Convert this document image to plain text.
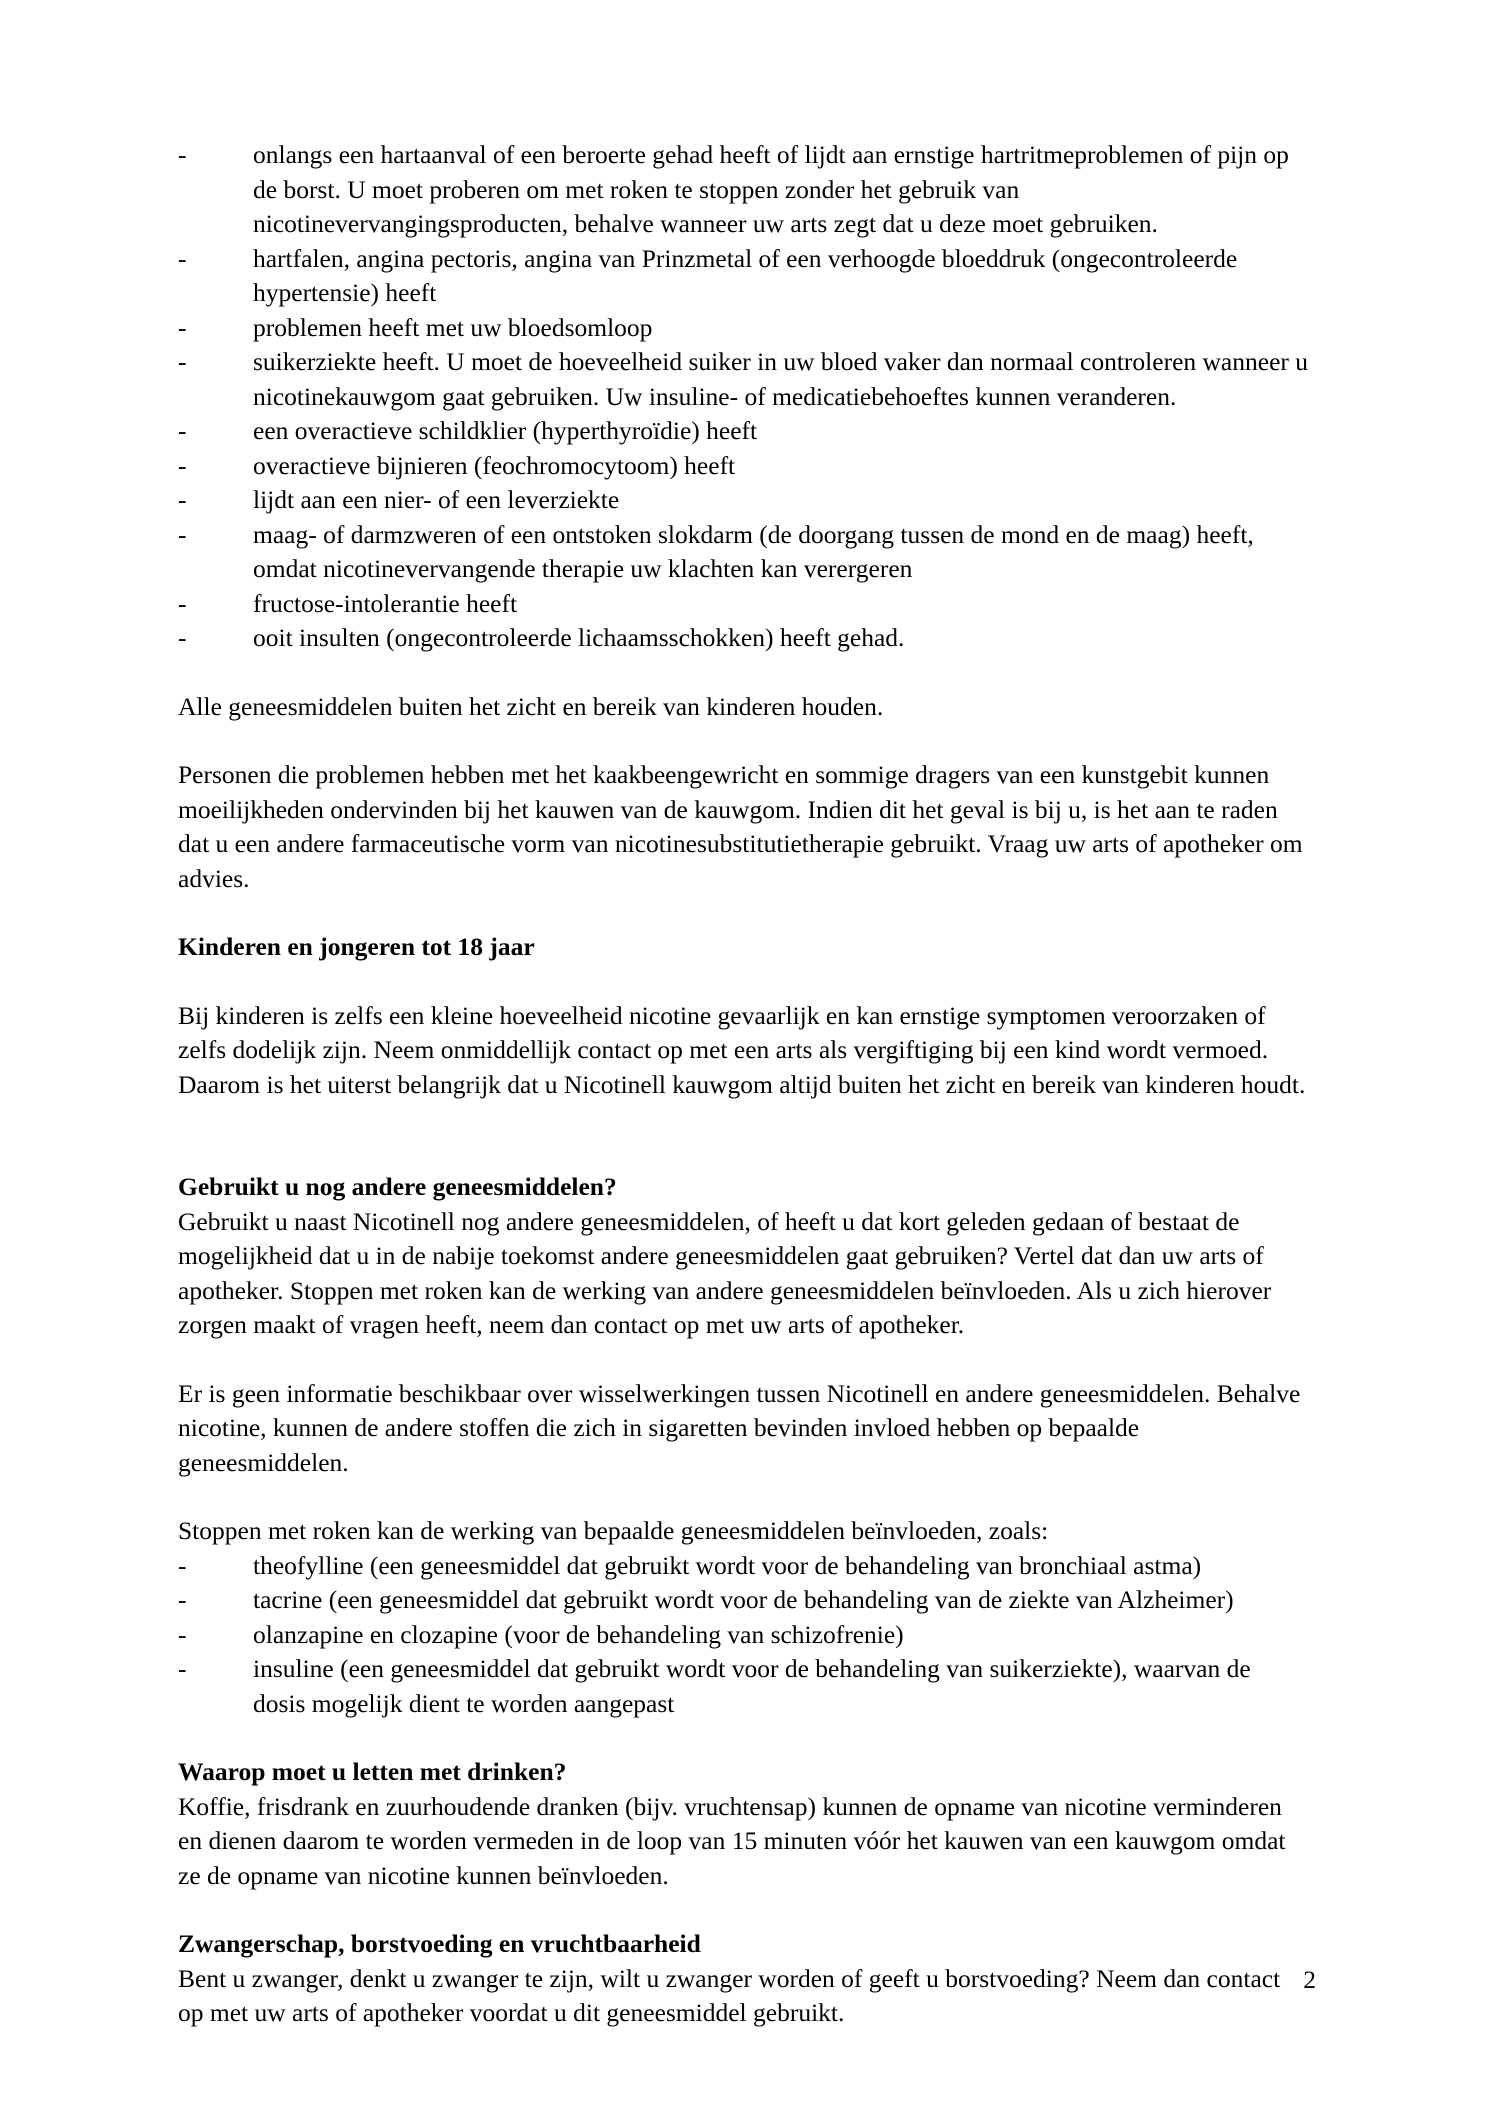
-	onlangs een hartaanval of een beroerte gehad heeft of lijdt aan ernstige hartritmeproblemen of pijn op de borst. U moet proberen om met roken te stoppen zonder het gebruik van nicotinevervangingsproducten, behalve wanneer uw arts zegt dat u deze moet gebruiken.
-	hartfalen, angina pectoris, angina van Prinzmetal of een verhoogde bloeddruk (ongecontroleerde hypertensie) heeft
-	problemen heeft met uw bloedsomloop
-	suikerziekte heeft. U moet de hoeveelheid suiker in uw bloed vaker dan normaal controleren wanneer u nicotinekauwgom gaat gebruiken. Uw insuline- of medicatiebehoeftes kunnen veranderen.
-	een overactieve schildklier (hyperthyroïdie) heeft
-	overactieve bijnieren (feochromocytoom) heeft
-	lijdt aan een nier- of een leverziekte
-	maag- of darmzweren of een ontstoken slokdarm (de doorgang tussen de mond en de maag) heeft, omdat nicotinevervangende therapie uw klachten kan verergeren
-	fructose-intolerantie heeft
-	ooit insulten (ongecontroleerde lichaamsschokken) heeft gehad.

Alle geneesmiddelen buiten het zicht en bereik van kinderen houden.

Personen die problemen hebben met het kaakbeengewricht en sommige dragers van een kunstgebit kunnen moeilijkheden ondervinden bij het kauwen van de kauwgom. Indien dit het geval is bij u, is het aan te raden dat u een andere farmaceutische vorm van nicotinesubstitutietherapie gebruikt. Vraag uw arts of apotheker om advies.

Kinderen en jongeren tot 18 jaar

Bij kinderen is zelfs een kleine hoeveelheid nicotine gevaarlijk en kan ernstige symptomen veroorzaken of zelfs dodelijk zijn. Neem onmiddellijk contact op met een arts als vergiftiging bij een kind wordt vermoed. Daarom is het uiterst belangrijk dat u Nicotinell kauwgom altijd buiten het zicht en bereik van kinderen houdt.

Gebruikt u nog andere geneesmiddelen?

Gebruikt u naast Nicotinell nog andere geneesmiddelen, of heeft u dat kort geleden gedaan of bestaat de mogelijkheid dat u in de nabije toekomst andere geneesmiddelen gaat gebruiken? Vertel dat dan uw arts of apotheker. Stoppen met roken kan de werking van andere geneesmiddelen beïnvloeden. Als u zich hierover zorgen maakt of vragen heeft, neem dan contact op met uw arts of apotheker.

Er is geen informatie beschikbaar over wisselwerkingen tussen Nicotinell en andere geneesmiddelen. Behalve nicotine, kunnen de andere stoffen die zich in sigaretten bevinden invloed hebben op bepaalde geneesmiddelen.

Stoppen met roken kan de werking van bepaalde geneesmiddelen beïnvloeden, zoals:

-	theofylline (een geneesmiddel dat gebruikt wordt voor de behandeling van bronchiaal astma)
-	tacrine (een geneesmiddel dat gebruikt wordt voor de behandeling van de ziekte van Alzheimer)
-	olanzapine en clozapine (voor de behandeling van schizofrenie)
-	insuline (een geneesmiddel dat gebruikt wordt voor de behandeling van suikerziekte), waarvan de dosis mogelijk dient te worden aangepast

Waarop moet u letten met drinken?

Koffie, frisdrank en zuurhoudende dranken (bijv. vruchtensap) kunnen de opname van nicotine verminderen en dienen daarom te worden vermeden in de loop van 15 minuten vóór het kauwen van een kauwgom omdat ze de opname van nicotine kunnen beïnvloeden.

Zwangerschap, borstvoeding en vruchtbaarheid

Bent u zwanger, denkt u zwanger te zijn, wilt u zwanger worden of geeft u borstvoeding? Neem dan contact op met uw arts of apotheker voordat u dit geneesmiddel gebruikt.

2
